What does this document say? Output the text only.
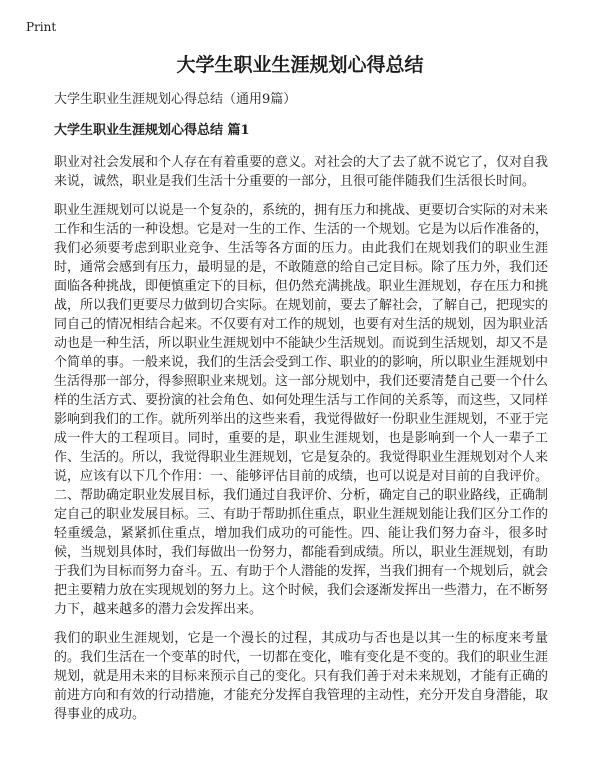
Print
大学生职业生涯规划心得总结
大学生职业生涯规划心得总结（通用9篇）
大学生职业生涯规划心得总结 篇1

职业对社会发展和个人存在有着重要的意义。对社会的大了去了就不说它了，仅对自我来说，诚然，职业是我们生活十分重要的一部分，且很可能伴随我们生活很长时间。

职业生涯规划可以说是一个复杂的，系统的，拥有压力和挑战、更要切合实际的对未来工作和生活的一种设想。它是对一生的工作、生活的一个规划。它是为以后作准备的，我们必须要考虑到职业竞争、生活等各方面的压力。由此我们在规划我们的职业生涯时，通常会感到有压力，最明显的是，不敢随意的给自己定目标。除了压力外，我们还面临各种挑战，即便慎重定下的目标，但仍然充满挑战。职业生涯规划，存在压力和挑战，所以我们更要尽力做到切合实际。在规划前，要去了解社会，了解自己，把现实的同自己的情况相结合起来。不仅要有对工作的规划，也要有对生活的规划，因为职业活动也是一种生活，所以职业生涯规划中不能缺少生活规划。而说到生活规划，却又不是个简单的事。一般来说，我们的生活会受到工作、职业的的影响，所以职业生涯规划中生活得那一部分，得参照职业来规划。这一部分规划中，我们还要清楚自己要一个什么样的生活方式、要扮演的社会角色、如何处理生活与工作间的关系等，而这些，又同样影响到我们的工作。就所列举出的这些来看，我觉得做好一份职业生涯规划，不亚于完成一件大的工程项目。同时，重要的是，职业生涯规划，也是影响到一个人一辈子工作、生活的。所以，我觉得职业生涯规划，它是复杂的。我觉得职业生涯规划对个人来说，应该有以下几个作用：一、能够评估目前的成绩，也可以说是对目前的自我评价。二、帮助确定职业发展目标，我们通过自我评价、分析，确定自己的职业路线，正确制定自己的职业发展目标。三、有助于帮助抓住重点，职业生涯规划能让我们区分工作的轻重缓急，紧紧抓住重点，增加我们成功的可能性。四、能让我们努力奋斗，很多时候，当规划具体时，我们每做出一份努力，都能看到成绩。所以，职业生涯规划，有助于我们为目标而努力奋斗。五、有助于个人潜能的发挥，当我们拥有一个规划后，就会把主要精力放在实现规划的努力上。这个时候，我们会逐渐发挥出一些潜力，在不断努力下，越来越多的潜力会发挥出来。

我们的职业生涯规划，它是一个漫长的过程，其成功与否也是以其一生的标度来考量的。我们生活在一个变革的时代，一切都在变化，唯有变化是不变的。我们的职业生涯规划，就是用未来的目标来预示自己的变化。只有我们善于对未来规划，才能有正确的前进方向和有效的行动措施，才能充分发挥自我管理的主动性，充分开发自身潜能，取得事业的成功。
